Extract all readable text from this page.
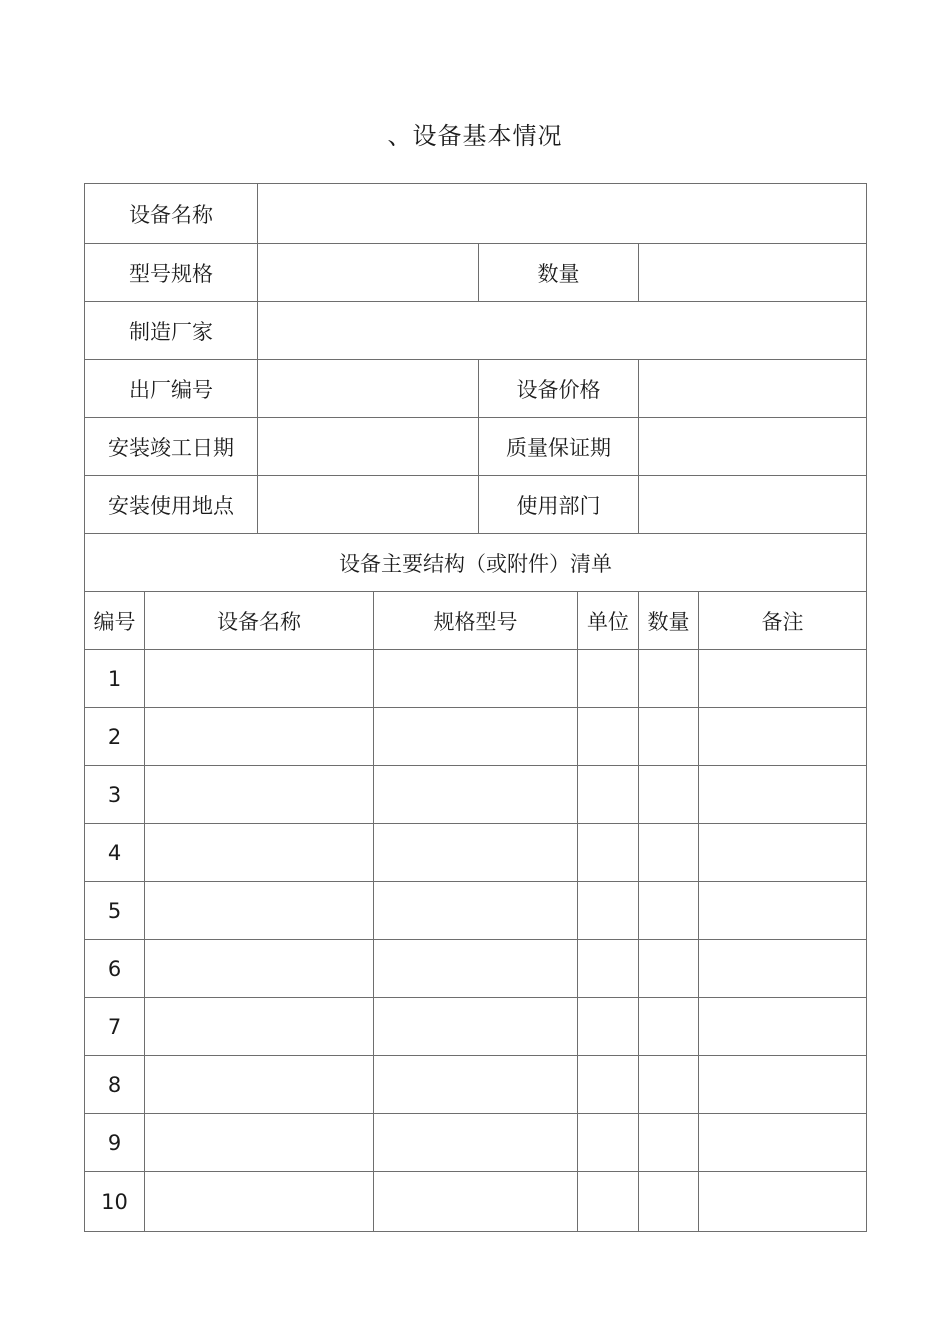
、设备基本情况
设备名称							
型号规格				数量			
制造厂家							
出厂编号				设备价格			
安装竣工日期				质量保证期			
安装使用地点				使用部门			
设备主要结构（或附件）清单							
编号	设备名称		规格型号		单位	数量	备注
1							
2							
3							
4							
5							
6							
7							
8							
9							
10							
